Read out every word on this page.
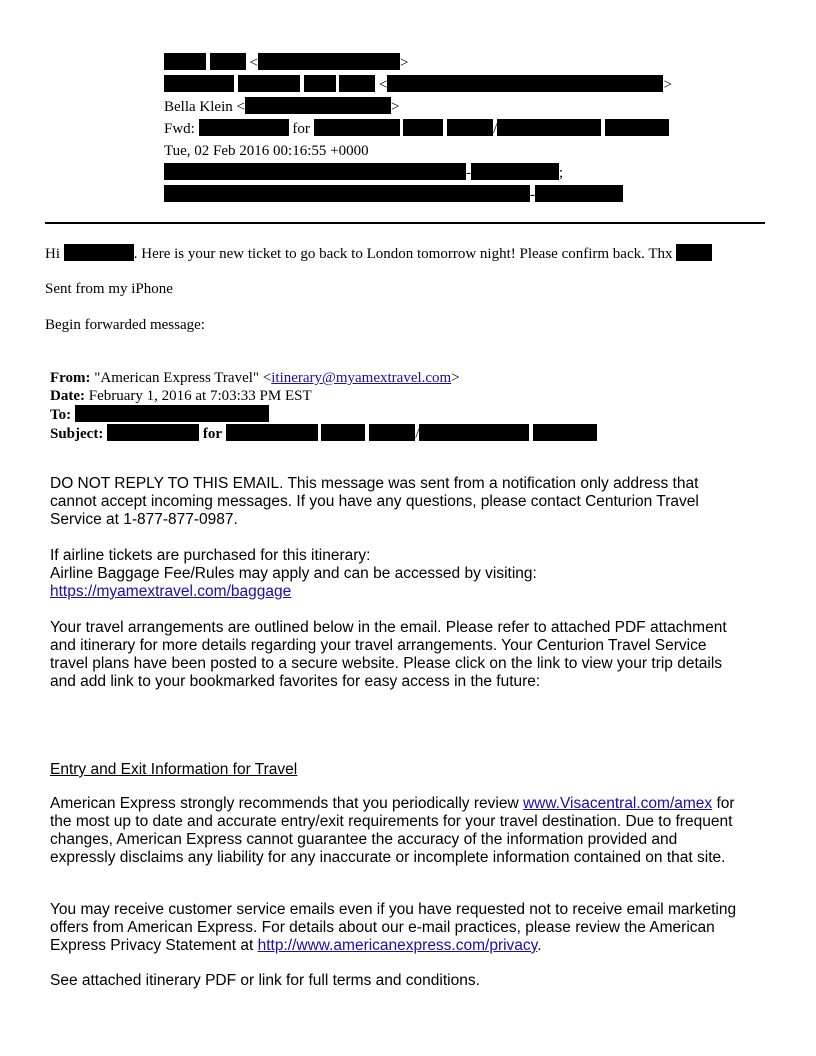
<	>
<	>
Bella Klein <	>
Fwd:	for	/
Tue, 02 Feb 2016 00:16:55 +0000
-	;
-
Hi	. Here is your new ticket to go back to London tomorrow night! Please confirm back. Thx
Sent from my iPhone
Begin forwarded message:
From: "American Express Travel" <itinerary@myamextravel.com>
Date: February 1, 2016 at 7:03:33 PM EST
To:
Subject:	for	/

DO NOT REPLY TO THIS EMAIL. This message was sent from a notification only address that

cannot accept incoming messages. If you have any questions, please contact Centurion Travel

Service at 1-877-877-0987.

If airline tickets are purchased for this itinerary:

Airline Baggage Fee/Rules may apply and can be accessed by visiting:

https://myamextravel.com/baggage

Your travel arrangements are outlined below in the email. Please refer to attached PDF attachment

and itinerary for more details regarding your travel arrangements. Your Centurion Travel Service

travel plans have been posted to a secure website. Please click on the link to view your trip details

and add link to your bookmarked favorites for easy access in the future:

Entry and Exit Information for Travel

American Express strongly recommends that you periodically review www.Visacentral.com/amex for

the most up to date and accurate entry/exit requirements for your travel destination. Due to frequent

changes, American Express cannot guarantee the accuracy of the information provided and

expressly disclaims any liability for any inaccurate or incomplete information contained on that site.

You may receive customer service emails even if you have requested not to receive email marketing

offers from American Express. For details about our e-mail practices, please review the American

Express Privacy Statement at http://www.americanexpress.com/privacy.

See attached itinerary PDF or link for full terms and conditions.
